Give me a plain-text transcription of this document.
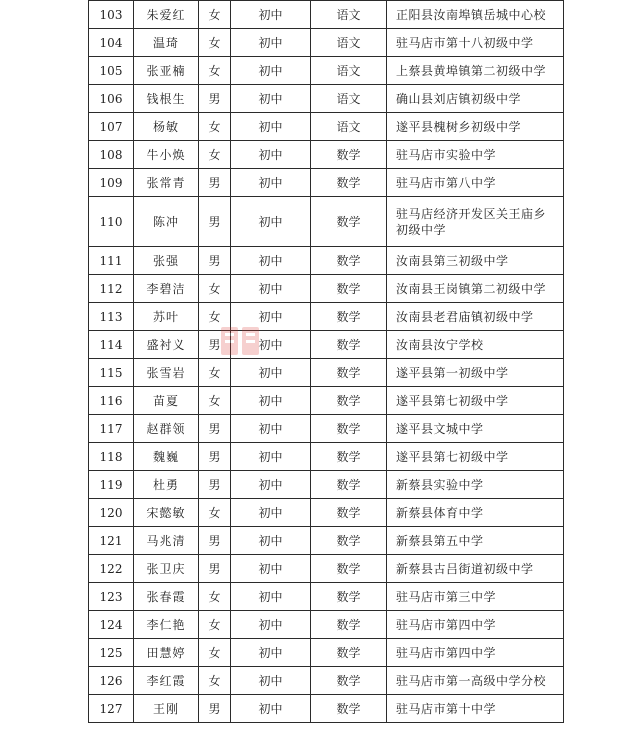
103	朱爱红	女	初中	语文	正阳县汝南埠镇岳城中心校
104	温琦	女	初中	语文	驻马店市第十八初级中学
105	张亚楠	女	初中	语文	上蔡县黄埠镇第二初级中学
106	钱根生	男	初中	语文	确山县刘店镇初级中学
107	杨敏	女	初中	语文	遂平县槐树乡初级中学
108	牛小焕	女	初中	数学	驻马店市实验中学
109	张常青	男	初中	数学	驻马店市第八中学
110	陈冲	男	初中	数学	驻马店经济开发区关王庙乡初级中学
111	张强	男	初中	数学	汝南县第三初级中学
112	李碧洁	女	初中	数学	汝南县王岗镇第二初级中学
113	苏叶	女	初中	数学	汝南县老君庙镇初级中学
114	盛衬义	男	初中	数学	汝南县汝宁学校
115	张雪岩	女	初中	数学	遂平县第一初级中学
116	苗夏	女	初中	数学	遂平县第七初级中学
117	赵群领	男	初中	数学	遂平县文城中学
118	魏巍	男	初中	数学	遂平县第七初级中学
119	杜勇	男	初中	数学	新蔡县实验中学
120	宋懿敏	女	初中	数学	新蔡县体育中学
121	马兆清	男	初中	数学	新蔡县第五中学
122	张卫庆	男	初中	数学	新蔡县古吕街道初级中学
123	张春霞	女	初中	数学	驻马店市第三中学
124	李仁艳	女	初中	数学	驻马店市第四中学
125	田慧婷	女	初中	数学	驻马店市第四中学
126	李红霞	女	初中	数学	驻马店市第一高级中学分校
127	王刚	男	初中	数学	驻马店市第十中学
